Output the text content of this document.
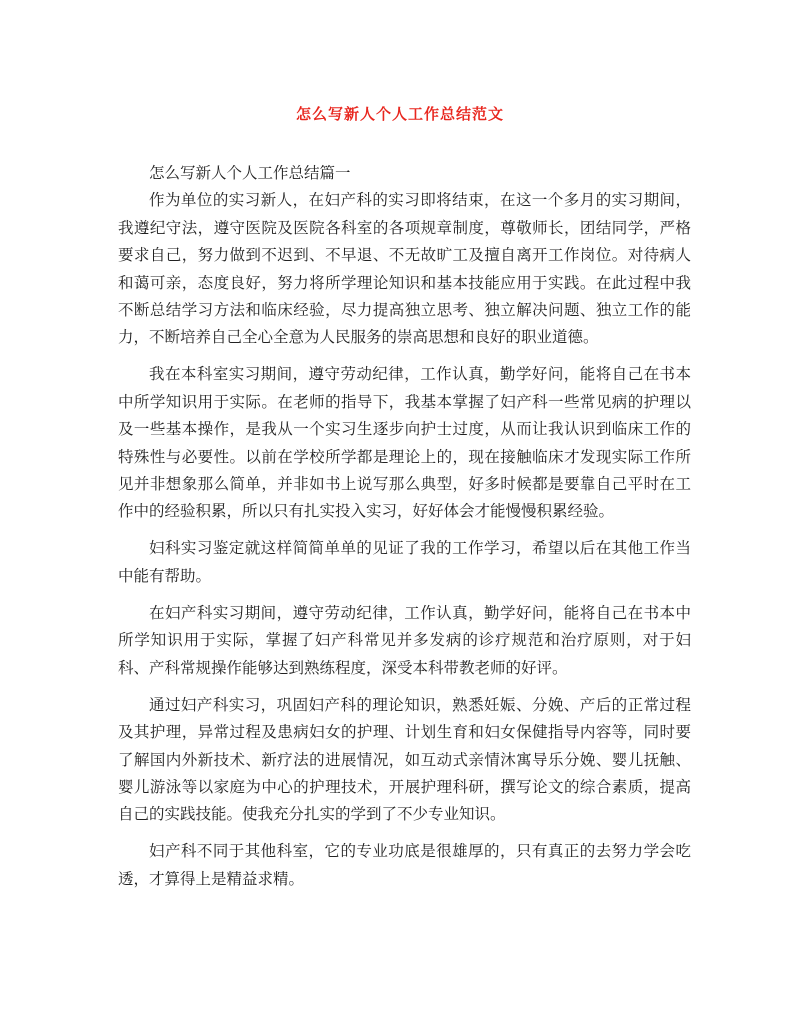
怎么写新人个人工作总结范文

怎么写新人个人工作总结篇一

作为单位的实习新人，在妇产科的实习即将结束，在这一个多月的实习期间，我遵纪守法，遵守医院及医院各科室的各项规章制度，尊敬师长，团结同学，严格要求自己，努力做到不迟到、不早退、不无故旷工及擅自离开工作岗位。对待病人和蔼可亲，态度良好，努力将所学理论知识和基本技能应用于实践。在此过程中我不断总结学习方法和临床经验，尽力提高独立思考、独立解决问题、独立工作的能力，不断培养自己全心全意为人民服务的崇高思想和良好的职业道德。

我在本科室实习期间，遵守劳动纪律，工作认真，勤学好问，能将自己在书本中所学知识用于实际。在老师的指导下，我基本掌握了妇产科一些常见病的护理以及一些基本操作，是我从一个实习生逐步向护士过度，从而让我认识到临床工作的特殊性与必要性。以前在学校所学都是理论上的，现在接触临床才发现实际工作所见并非想象那么简单，并非如书上说写那么典型，好多时候都是要靠自己平时在工作中的经验积累，所以只有扎实投入实习，好好体会才能慢慢积累经验。

妇科实习鉴定就这样简简单单的见证了我的工作学习，希望以后在其他工作当中能有帮助。

在妇产科实习期间，遵守劳动纪律，工作认真，勤学好问，能将自己在书本中所学知识用于实际，掌握了妇产科常见并多发病的诊疗规范和治疗原则，对于妇科、产科常规操作能够达到熟练程度，深受本科带教老师的好评。

通过妇产科实习，巩固妇产科的理论知识，熟悉妊娠、分娩、产后的正常过程及其护理，异常过程及患病妇女的护理、计划生育和妇女保健指导内容等，同时要了解国内外新技术、新疗法的进展情况，如互动式亲情沐寓导乐分娩、婴儿抚触、婴儿游泳等以家庭为中心的护理技术，开展护理科研，撰写论文的综合素质，提高自己的实践技能。使我充分扎实的学到了不少专业知识。

妇产科不同于其他科室，它的专业功底是很雄厚的，只有真正的去努力学会吃透，才算得上是精益求精。
